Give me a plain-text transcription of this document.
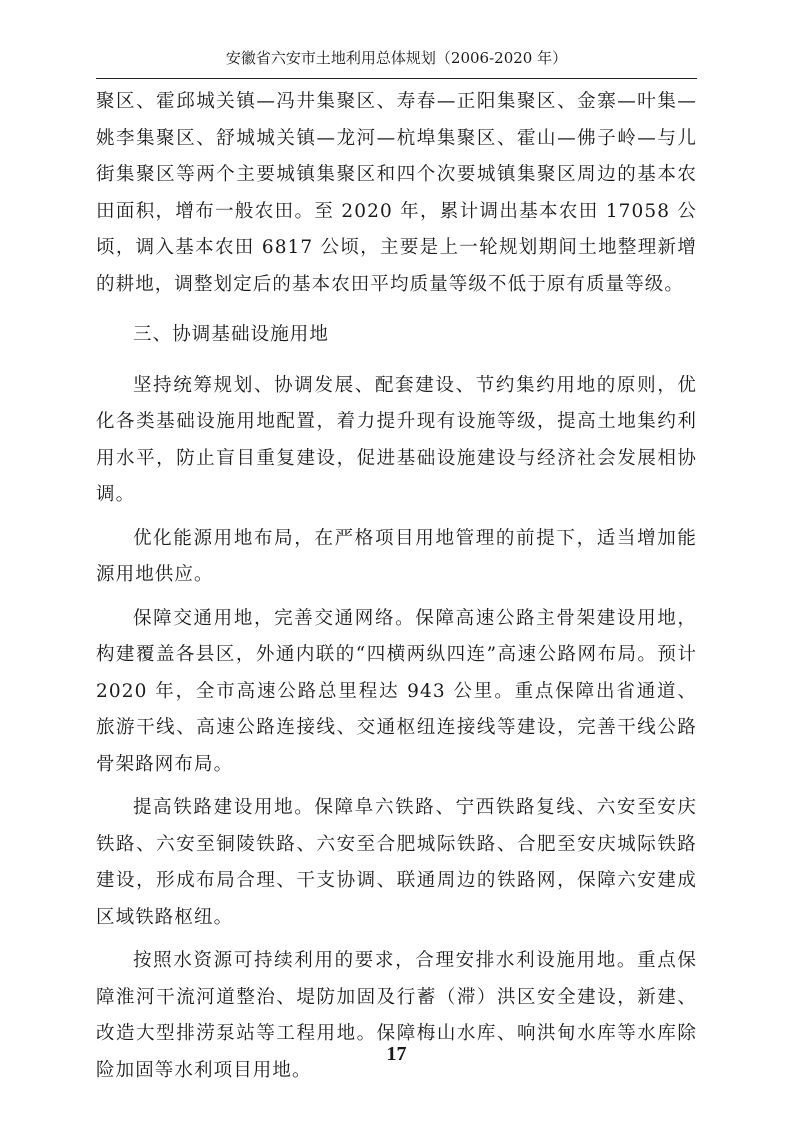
安徽省六安市土地利用总体规划（2006-2020 年）

聚区、霍邱城关镇—冯井集聚区、寿春—正阳集聚区、金寨—叶集—姚李集聚区、舒城城关镇—龙河—杭埠集聚区、霍山—佛子岭—与儿街集聚区等两个主要城镇集聚区和四个次要城镇集聚区周边的基本农田面积，增布一般农田。至 2020 年，累计调出基本农田 17058 公顷，调入基本农田 6817 公顷，主要是上一轮规划期间土地整理新增的耕地，调整划定后的基本农田平均质量等级不低于原有质量等级。

三、协调基础设施用地

坚持统筹规划、协调发展、配套建设、节约集约用地的原则，优化各类基础设施用地配置，着力提升现有设施等级，提高土地集约利用水平，防止盲目重复建设，促进基础设施建设与经济社会发展相协调。

优化能源用地布局，在严格项目用地管理的前提下，适当增加能源用地供应。

保障交通用地，完善交通网络。保障高速公路主骨架建设用地，构建覆盖各县区，外通内联的“四横两纵四连”高速公路网布局。预计 2020 年，全市高速公路总里程达 943 公里。重点保障出省通道、旅游干线、高速公路连接线、交通枢纽连接线等建设，完善干线公路骨架路网布局。

提高铁路建设用地。保障阜六铁路、宁西铁路复线、六安至安庆铁路、六安至铜陵铁路、六安至合肥城际铁路、合肥至安庆城际铁路建设，形成布局合理、干支协调、联通周边的铁路网，保障六安建成区域铁路枢纽。

按照水资源可持续利用的要求，合理安排水利设施用地。重点保障淮河干流河道整治、堤防加固及行蓄（滞）洪区安全建设，新建、改造大型排涝泵站等工程用地。保障梅山水库、响洪甸水库等水库除险加固等水利项目用地。

17
